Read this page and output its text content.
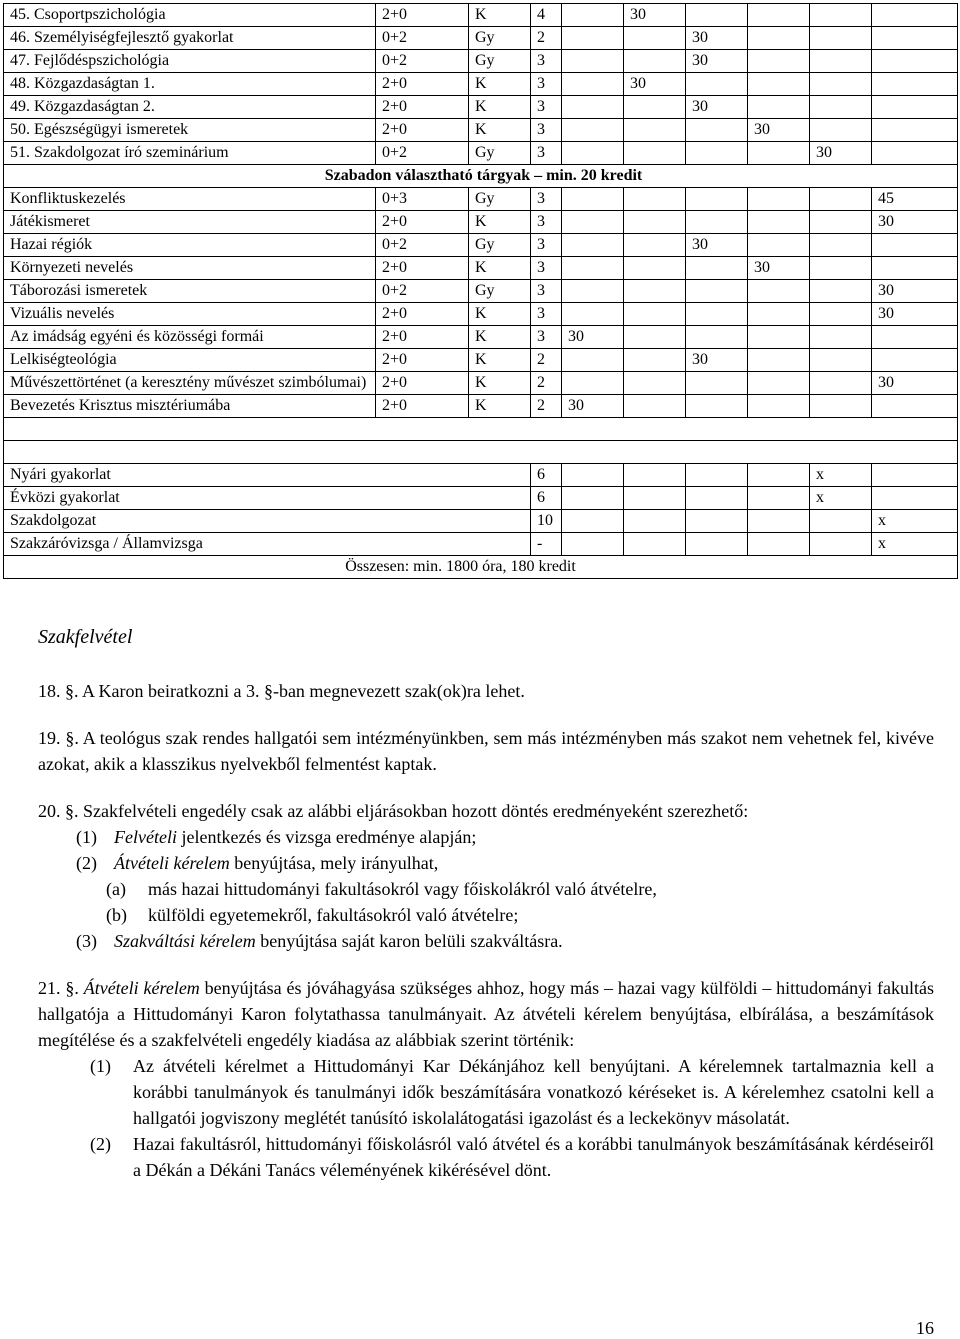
45. Csoportpszichológia	2+0	K	4		30				
46. Személyiségfejlesztő gyakorlat	0+2	Gy	2			30			
47. Fejlődéspszichológia	0+2	Gy	3			30			
48. Közgazdaságtan 1.	2+0	K	3		30				
49. Közgazdaságtan 2.	2+0	K	3			30			
50. Egészségügyi ismeretek	2+0	K	3				30		
51. Szakdolgozat író szeminárium	0+2	Gy	3					30	
Szabadon választható tárgyak – min. 20 kredit									
Konfliktuskezelés	0+3	Gy	3						45
Játékismeret	2+0	K	3						30
Hazai régiók	0+2	Gy	3			30			
Környezeti nevelés	2+0	K	3				30		
Táborozási ismeretek	0+2	Gy	3						30
Vizuális nevelés	2+0	K	3						30
Az imádság egyéni és közösségi formái	2+0	K	3	30					
Lelkiségteológia	2+0	K	2			30			
Művészettörténet (a keresztény művészet szimbólumai)	2+0	K	2						30
Bevezetés Krisztus misztériumába	2+0	K	2	30					

Nyári gyakorlat			6					x	
Évközi gyakorlat			6					x	
Szakdolgozat			10						x
Szakzáróvizsga / Államvizsga			-						x
Összesen: min. 1800 óra, 180 kredit									

Szakfelvétel

18. §. A Karon beiratkozni a 3. §-ban megnevezett szak(ok)ra lehet.

19. §. A teológus szak rendes hallgatói sem intézményünkben, sem más intézményben más szakot nem vehetnek fel, kivéve azokat, akik a klasszikus nyelvekből felmentést kaptak.

20. §. Szakfelvételi engedély csak az alábbi eljárásokban hozott döntés eredményeként szerezhető:

(1) Felvételi jelentkezés és vizsga eredménye alapján;
(2) Átvételi kérelem benyújtása, mely irányulhat,
(a) más hazai hittudományi fakultásokról vagy főiskolákról való átvételre,
(b) külföldi egyetemekről, fakultásokról való átvételre;
(3) Szakváltási kérelem benyújtása saját karon belüli szakváltásra.

21. §. Átvételi kérelem benyújtása és jóváhagyása szükséges ahhoz, hogy más – hazai vagy külföldi – hittudományi fakultás hallgatója a Hittudományi Karon folytathassa tanulmányait. Az átvételi kérelem benyújtása, elbírálása, a beszámítások megítélése és a szakfelvételi engedély kiadása az alábbiak szerint történik:

(1) Az átvételi kérelmet a Hittudományi Kar Dékánjához kell benyújtani. A kérelemnek tartalmaznia kell a korábbi tanulmányok és tanulmányi idők beszámítására vonatkozó kéréseket is. A kérelemhez csatolni kell a hallgatói jogviszony meglétét tanúsító iskolalátogatási igazolást és a leckekönyv másolatát.
(2) Hazai fakultásról, hittudományi főiskolásról való átvétel és a korábbi tanulmányok beszámításának kérdéseiről a Dékán a Dékáni Tanács véleményének kikérésével dönt.
16
